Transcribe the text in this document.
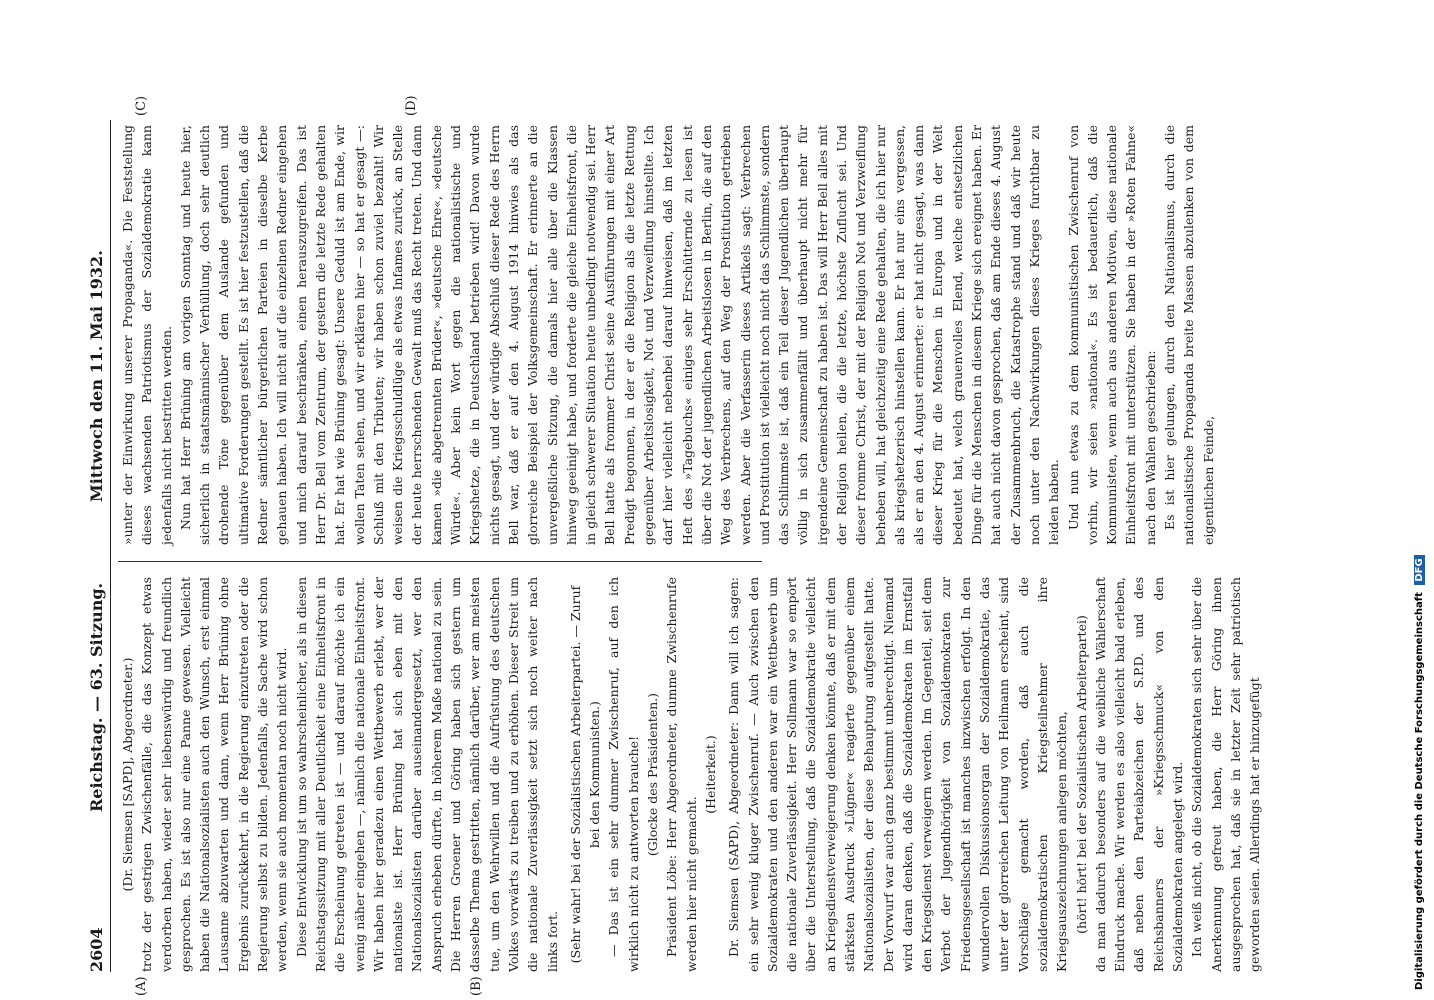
2604
Reichstag. — 63. Sitzung.
Mittwoch den 11. Mai 1932.
(A)	(B)
(C)	(D)

(Dr. Siemsen [SAPD], Abgeordneter.) trotz der gestrigen Zwischenfälle, die das Konzept etwas verdorben haben, wieder sehr liebenswürdig und freundlich gesprochen. Es ist also nur eine Panne gewesen. Vielleicht haben die Nationalsozialisten auch den Wunsch, erst einmal Lausanne abzuwarten und dann, wenn Herr Brüning ohne Ergebnis zurückkehrt, in die Regierung einzutreten oder die Regierung selbst zu bilden. Jedenfalls, die Sache wird schon werden, wenn sie auch momentan noch nicht wird. Diese Entwicklung ist um so wahrscheinlicher, als in diesen Reichstagssitzung mit aller Deutlichkeit eine Einheitsfront in die Erscheinung getreten ist — und darauf möchte ich ein wenig näher eingehen —, nämlich die nationale Einheitsfront. Wir haben hier geradezu einen Wettbewerb erlebt, wer der nationalste ist. Herr Brüning hat sich eben mit den Nationalsozialisten darüber auseinandergesetzt, wer den Anspruch erheben dürfte, in höherem Maße national zu sein. Die Herren Groener und Göring haben sich gestern um dasselbe Thema gestritten, nämlich darüber, wer am meisten tue, um den Wehrwillen und die Aufrüstung des deutschen Volkes vorwärts zu treiben und zu erhöhen. Dieser Streit um die nationale Zuverlässigkeit setzt sich noch weiter nach links fort. (Sehr wahr! bei der Sozialistischen Arbeiterpartei. — Zuruf bei den Kommunisten.) — Das ist ein sehr dummer Zwischenruf, auf den ich wirklich nicht zu antworten brauche! (Glocke des Präsidenten.) Präsident Löbe: Herr Abgeordneter, dumme Zwischenrufe werden hier nicht gemacht.

(Heiterkeit.) Dr. Siemsen (SAPD), Abgeordneter: Dann will ich sagen: ein sehr wenig kluger Zwischenruf. — Auch zwischen den Sozialdemokraten und den anderen war ein Wettbewerb um die nationale Zuverlässigkeit. Herr Sollmann war so empört über die Unterstellung, daß die Sozialdemokratie vielleicht an Kriegsdienstverweigerung denken könnte, daß er mit dem stärksten Ausdruck »Lügner« reagierte gegenüber einem Nationalsozialisten, der diese Behauptung aufgestellt hatte. Der Vorwurf war auch ganz bestimmt unberechtigt. Niemand wird daran denken, daß die Sozialdemokraten im Ernstfall den Kriegsdienst verweigern werden. Im Gegenteil, seit dem Verbot der Jugendhörigkeit von Sozialdemokraten zur Friedensgesellschaft ist manches inzwischen erfolgt. In den wundervollen Diskussionsorgan der Sozialdemokratie, das unter der glorreichen Leitung von Heilmann erscheint, sind Vorschläge gemacht worden, daß auch die sozialdemokratischen Kriegsteilnehmer ihre Kriegsauszeichnungen anlegen möchten, (hört! hört! bei der Sozialistischen Arbeiterpartei) da man dadurch besonders auf die weibliche Wählerschaft Eindruck mache. Wir werden es also vielleicht bald erleben, daß neben den Parteiabzeichen der S.P.D. und des Reichsbanners der »Kriegsschmuck« von den Sozialdemokraten angelegt wird. Ich weiß nicht, ob die Sozialdemokraten sich sehr über die Anerkennung gefreut haben, die Herr Göring ihnen ausgesprochen hat, daß sie in letzter Zeit sehr patriotisch geworden seien. Allerdings hat er hinzugefügt

»unter der Einwirkung unserer Propaganda«. Die Feststellung dieses wachsenden Patriotismus der Sozialdemokratie kann jedenfalls nicht bestritten werden. Nun hat Herr Brüning am vorigen Sonntag und heute hier, sicherlich in staatsmännischer Verhüllung, doch sehr deutlich drohende Töne gegenüber dem Auslande gefunden und ultimative Forderungen gestellt. Es ist hier festzustellen, daß die Redner sämtlicher bürgerlichen Parteien in dieselbe Kerbe gehauen haben. Ich will nicht auf die einzelnen Redner eingehen und mich darauf beschränken, einen herauszugreifen. Das ist Herr Dr. Bell vom Zentrum, der gestern die letzte Rede gehalten hat. Er hat wie Brüning gesagt: Unsere Geduld ist am Ende, wir wollen Taten sehen, und wir erklären hier — so hat er gesagt —: Schluß mit den Tributen; wir haben schon zuviel bezahlt! Wir weisen die Kriegsschuldlüge als etwas Infames zurück, an Stelle der heute herrschenden Gewalt muß das Recht treten. Und dann kamen »die abgetrennten Brüder«, »deutsche Ehre«, »deutsche Würde«. Aber kein Wort gegen die nationalistische und Kriegshetze, die in Deutschland betrieben wird! Davon wurde nichts gesagt, und der würdige Abschluß dieser Rede des Herrn Bell war, daß er auf den 4. August 1914 hinwies als das glorreiche Beispiel der Volksgemeinschaft. Er erinnerte an die unvergeßliche Sitzung, die damals hier alle über die Klassen hinweg geeinigt habe, und forderte die gleiche Einheitsfront, die in gleich schwerer Situation heute unbedingt notwendig sei. Herr Bell hatte als frommer Christ seine Ausführungen mit einer Art Predigt begonnen, in der er die Religion als die letzte Rettung gegenüber Arbeitslosigkeit, Not und Verzweiflung hinstellte. Ich darf hier vielleicht nebenbei darauf hinweisen, daß im letzten Heft des »Tagebuchs« einiges sehr Erschütternde zu lesen ist über die Not der jugendlichen Arbeitslosen in Berlin, die auf den Weg des Verbrechens, auf den Weg der Prostitution getrieben werden. Aber die Verfasserin dieses Artikels sagt: Verbrechen und Prostitution ist vielleicht noch nicht das Schlimmste, sondern das Schlimmste ist, daß ein Teil dieser Jugendlichen überhaupt völlig in sich zusammenfällt und überhaupt nicht mehr für irgendeine Gemeinschaft zu haben ist. Das will Herr Bell alles mit der Religion heilen, die die letzte, höchste Zuflucht sei. Und dieser fromme Christ, der mit der Religion Not und Verzweiflung beheben will, hat gleichzeitig eine Rede gehalten, die ich hier nur als kriegshetzerisch hinstellen kann. Er hat nur eins vergessen, als er an den 4. August erinnerte: er hat nicht gesagt, was dann dieser Krieg für die Menschen in Europa und in der Welt bedeutet hat, welch grauenvolles Elend, welche entsetzlichen Dinge für die Menschen in diesem Kriege sich ereignet haben. Er hat auch nicht davon gesprochen, daß am Ende dieses 4. August der Zusammenbruch, die Katastrophe stand und daß wir heute noch unter den Nachwirkungen dieses Krieges furchtbar zu leiden haben. Und nun etwas zu dem kommunistischen Zwischenruf von vorhin, wir seien »national«. Es ist bedauerlich, daß die Kommunisten, wenn auch aus anderen Motiven, diese nationale Einheitsfront mit unterstützen. Sie haben in der »Roten Fahne« nach den Wahlen geschrieben: Es ist hier gelungen, durch den Nationalismus, durch die nationalistische Propaganda breite Massen abzulenken von dem eigentlichen Feinde,

Digitalisierung gefördert durch die Deutsche Forschungsgemeinschaft DFG
